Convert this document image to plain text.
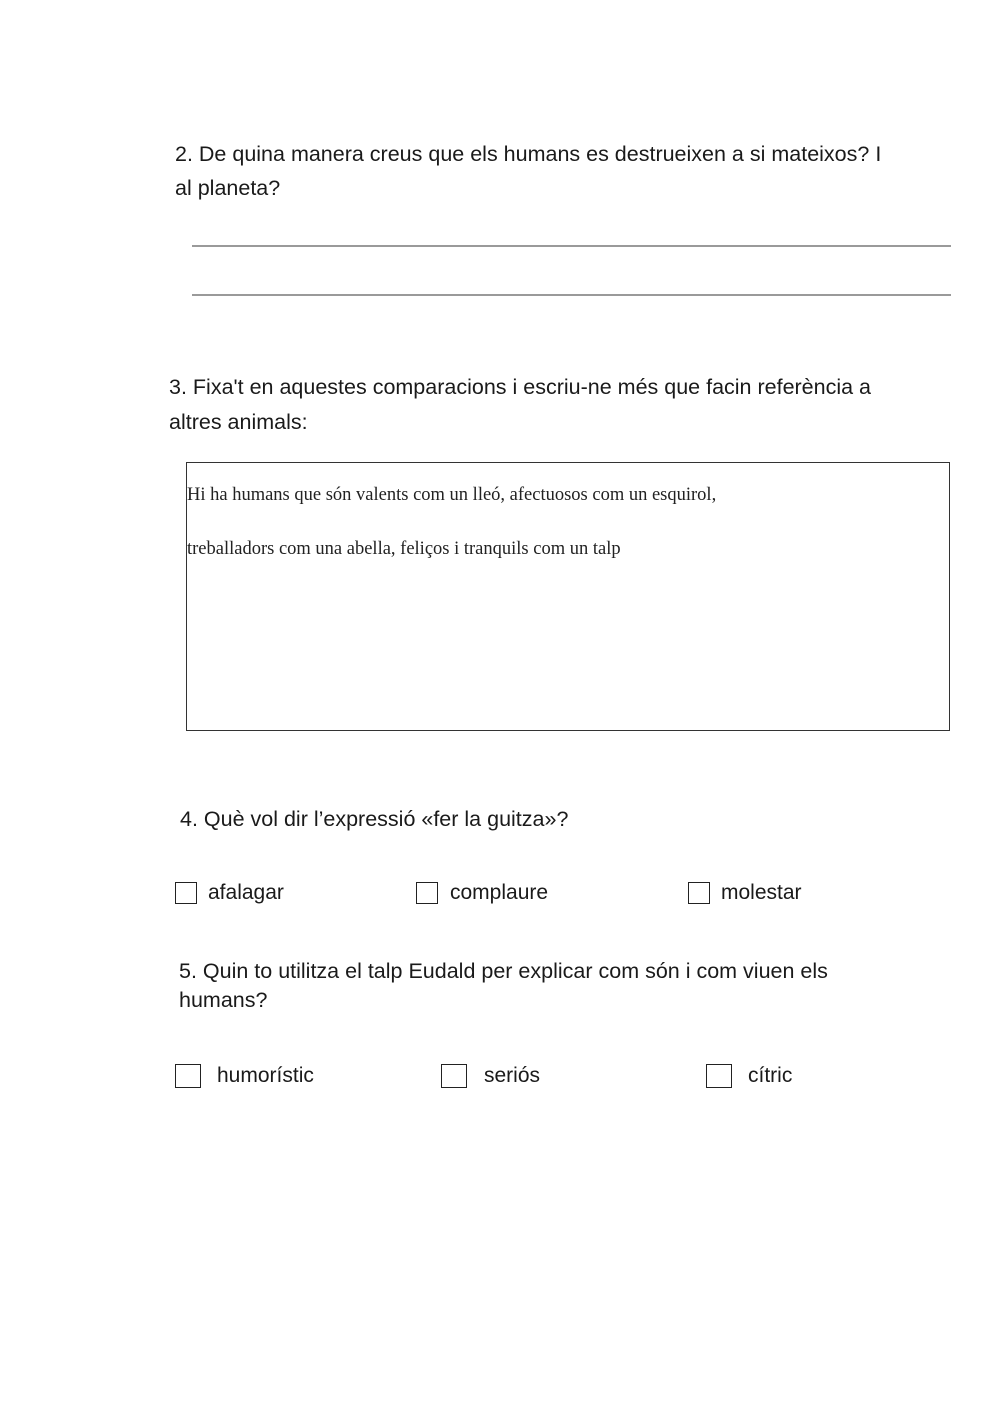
2. De quina manera creus que els humans es destrueixen a si mateixos? I al planeta?

3. Fixa't en aquestes comparacions i escriu-ne més que facin referència a altres animals:

Hi ha humans que són valents com un lleó, afectuosos com un esquirol,
treballadors com una abella, feliços i tranquils com un talp

4. Què vol dir l’expressió «fer la guitza»?

afalagar	complaure	molestar

5. Quin to utilitza el talp Eudald per explicar com són i com viuen els humans?

humorístic	seriós	cítric
